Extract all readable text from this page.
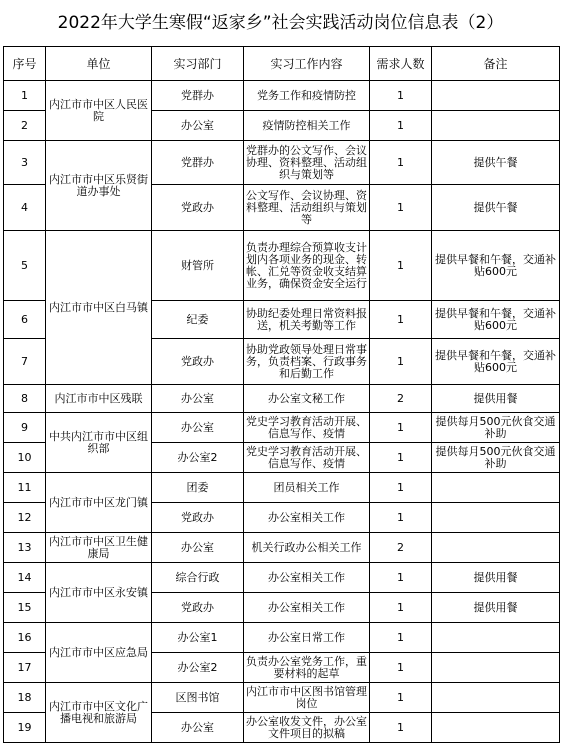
2022年大学生寒假“返家乡”社会实践活动岗位信息表（2）
序号	单位	实习部门	实习工作内容	需求人数	备注
1	内江市市中区人民医院	党群办	党务工作和疫情防控	1	
2		办公室	疫情防控相关工作	1	
3	内江市市中区乐贤街道办事处	党群办	党群办的公文写作、会议协理、资料整理、活动组织与策划等	1	提供午餐
4		党政办	公文写作、会议协理、资料整理、活动组织与策划等	1	提供午餐
5	内江市市中区白马镇	财管所	负责办理综合预算收支计划内各项业务的现金、转帐、汇兑等资金收支结算业务，确保资金安全运行	1	提供早餐和午餐，交通补贴600元
6		纪委	协助纪委处理日常资料报送，机关考勤等工作	1	提供早餐和午餐，交通补贴600元
7		党政办	协助党政领导处理日常事务，负责档案、行政事务和后勤工作	1	提供早餐和午餐，交通补贴600元
8	内江市市中区残联	办公室	办公室文秘工作	2	提供用餐
9	中共内江市市中区组织部	办公室	党史学习教育活动开展、信息写作、疫情	1	提供每月500元伙食交通补助
10		办公室2	党史学习教育活动开展、信息写作、疫情	1	提供每月500元伙食交通补助
11	内江市市中区龙门镇	团委	团员相关工作	1	
12		党政办	办公室相关工作	1	
13	内江市市中区卫生健康局	办公室	机关行政办公相关工作	2	
14	内江市市中区永安镇	综合行政	办公室相关工作	1	提供用餐
15		党政办	办公室相关工作	1	提供用餐
16	内江市市中区应急局	办公室1	办公室日常工作	1	
17		办公室2	负责办公室党务工作，重要材料的起草	1	
18	内江市市中区文化广播电视和旅游局	区图书馆	内江市市中区图书馆管理岗位	1	
19		办公室	办公室收发文件，办公室文件项目的拟稿	1	
